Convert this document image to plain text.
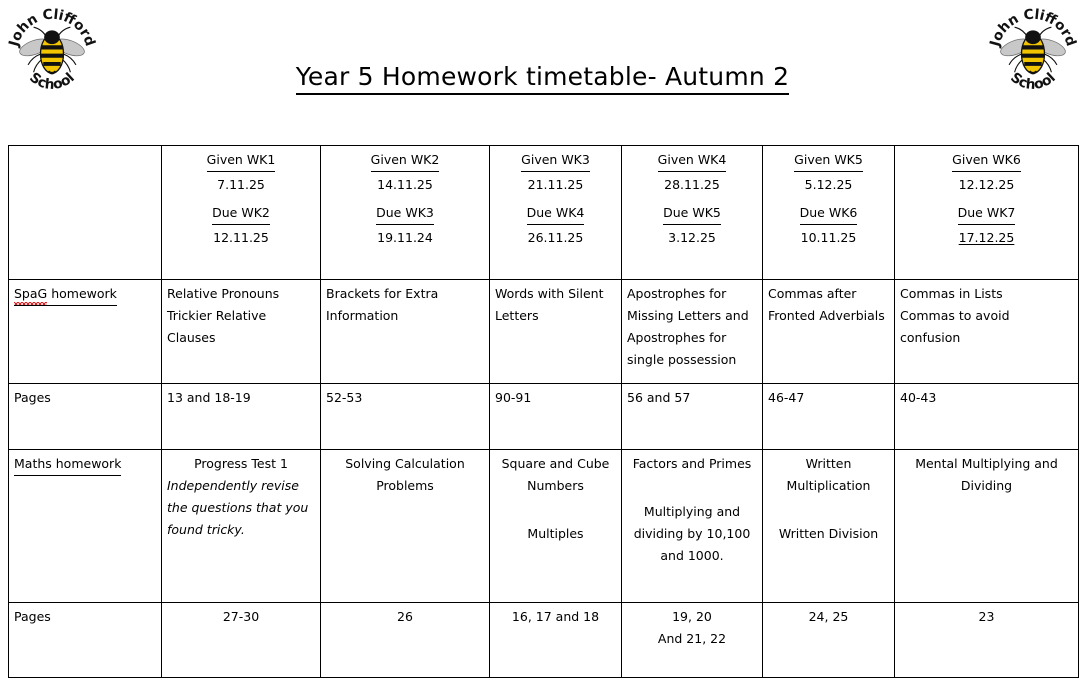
John Clifford
School
John Clifford
School
Year 5 Homework timetable- Autumn 2

	Given WK1
7.11.25
Due WK2
12.11.25	Given WK2
14.11.25
Due WK3
19.11.24	Given WK3
21.11.25
Due WK4
26.11.25	Given WK4
28.11.25
Due WK5
3.12.25	Given WK5
5.12.25
Due WK6
10.11.25	Given WK6
12.12.25
Due WK7
17.12.25

SpaG homework	Relative Pronouns
Trickier Relative Clauses	Brackets for Extra
Information	Words with Silent
Letters	Apostrophes for
Missing Letters and
Apostrophes for
single possession	Commas after
Fronted Adverbials	Commas in Lists
Commas to avoid
confusion

Pages	13 and 18-19	52-53	90-91	56 and 57	46-47	40-43
Maths homework	Progress Test 1
Independently revise
the questions that you
found tricky.	Solving Calculation
Problems	Square and Cube
Numbers
Multiples	Factors and Primes
Multiplying and
dividing by 10,100
and 1000.	Written
Multiplication
Written Division	Mental Multiplying and
Dividing

Pages	27-30	26	16, 17 and 18	19, 20
And 21, 22	24, 25	23
